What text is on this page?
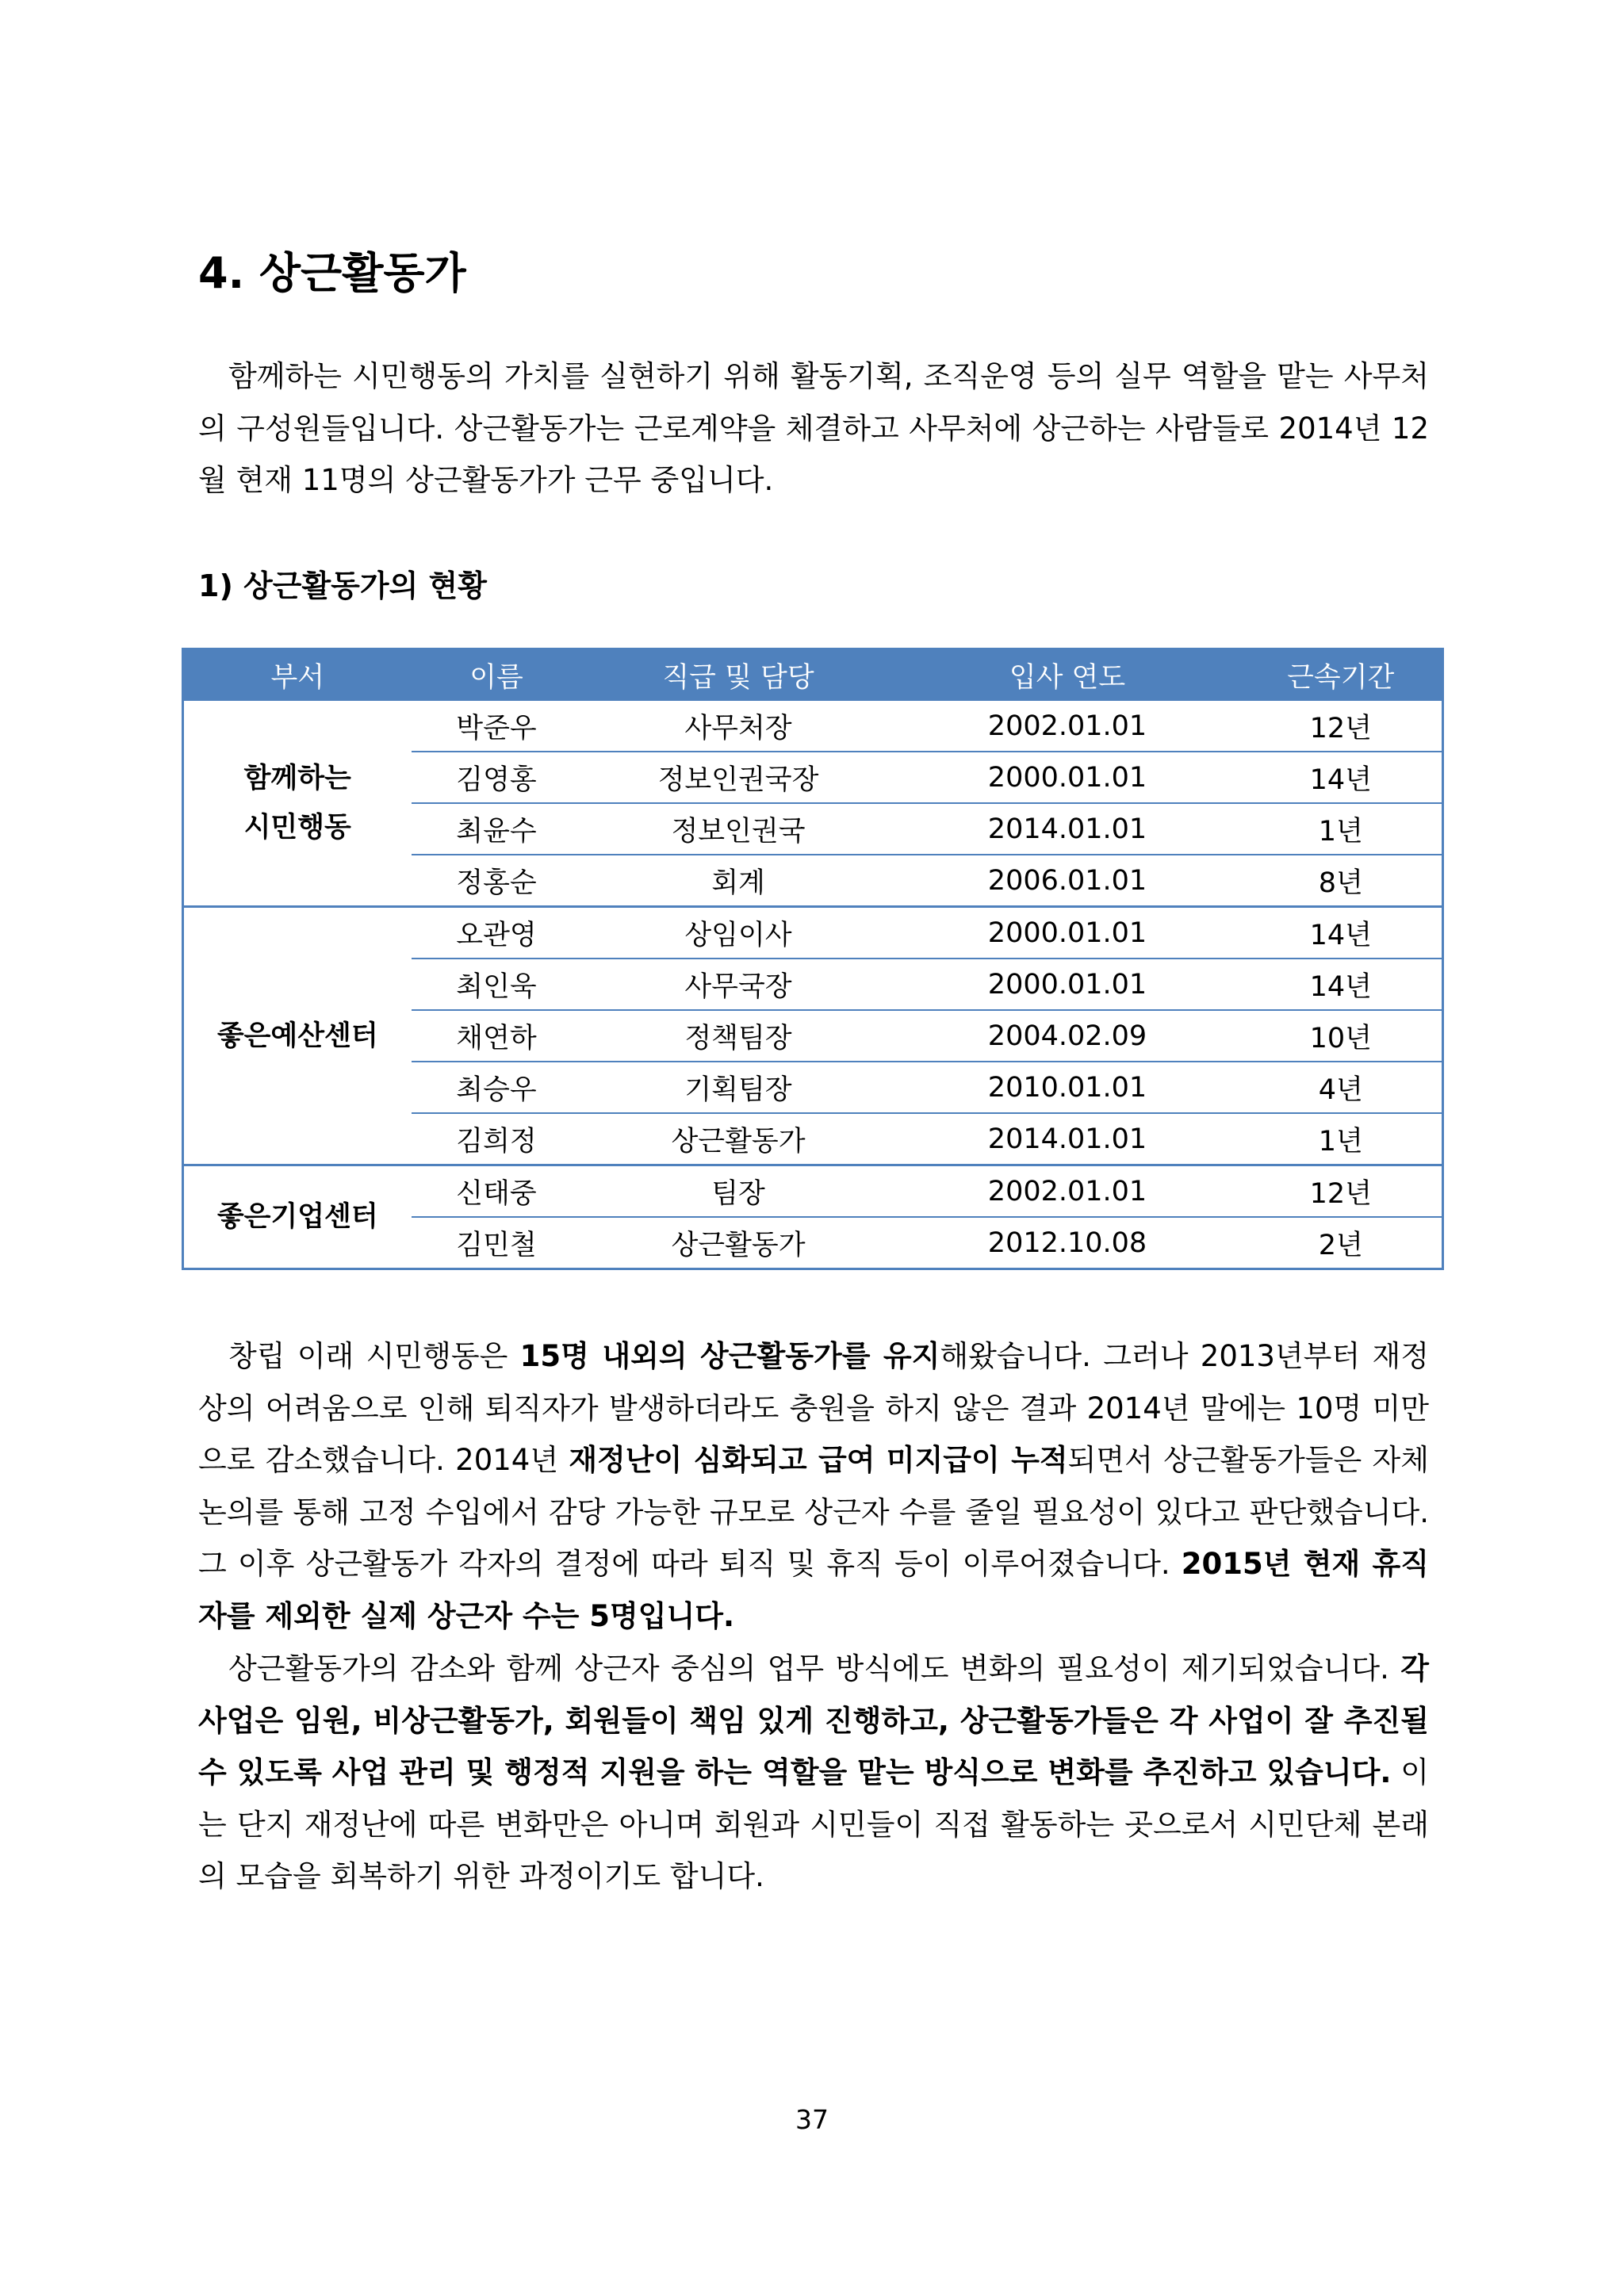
4. 상근활동가

함께하는 시민행동의 가치를 실현하기 위해 활동기획, 조직운영 등의 실무 역할을 맡는 사무처의 구성원들입니다. 상근활동가는 근로계약을 체결하고 사무처에 상근하는 사람들로 2014년 12월 현재 11명의 상근활동가가 근무 중입니다.

1) 상근활동가의 현황
부서	이름	직급 및 담당	입사 연도	근속기간
함께하는 시민행동	박준우	사무처장	2002.01.01	12년
	김영홍	정보인권국장	2000.01.01	14년
	최윤수	정보인권국	2014.01.01	1년
	정홍순	회계	2006.01.01	8년
좋은예산센터	오관영	상임이사	2000.01.01	14년
	최인욱	사무국장	2000.01.01	14년
	채연하	정책팀장	2004.02.09	10년
	최승우	기획팀장	2010.01.01	4년
	김희정	상근활동가	2014.01.01	1년
좋은기업센터	신태중	팀장	2002.01.01	12년
	김민철	상근활동가	2012.10.08	2년

창립 이래 시민행동은 15명 내외의 상근활동가를 유지해왔습니다. 그러나 2013년부터 재정상의 어려움으로 인해 퇴직자가 발생하더라도 충원을 하지 않은 결과 2014년 말에는 10명 미만으로 감소했습니다. 2014년 재정난이 심화되고 급여 미지급이 누적되면서 상근활동가들은 자체 논의를 통해 고정 수입에서 감당 가능한 규모로 상근자 수를 줄일 필요성이 있다고 판단했습니다. 그 이후 상근활동가 각자의 결정에 따라 퇴직 및 휴직 등이 이루어졌습니다. 2015년 현재 휴직자를 제외한 실제 상근자 수는 5명입니다.

상근활동가의 감소와 함께 상근자 중심의 업무 방식에도 변화의 필요성이 제기되었습니다. 각 사업은 임원, 비상근활동가, 회원들이 책임 있게 진행하고, 상근활동가들은 각 사업이 잘 추진될 수 있도록 사업 관리 및 행정적 지원을 하는 역할을 맡는 방식으로 변화를 추진하고 있습니다. 이는 단지 재정난에 따른 변화만은 아니며 회원과 시민들이 직접 활동하는 곳으로서 시민단체 본래의 모습을 회복하기 위한 과정이기도 합니다.

37
